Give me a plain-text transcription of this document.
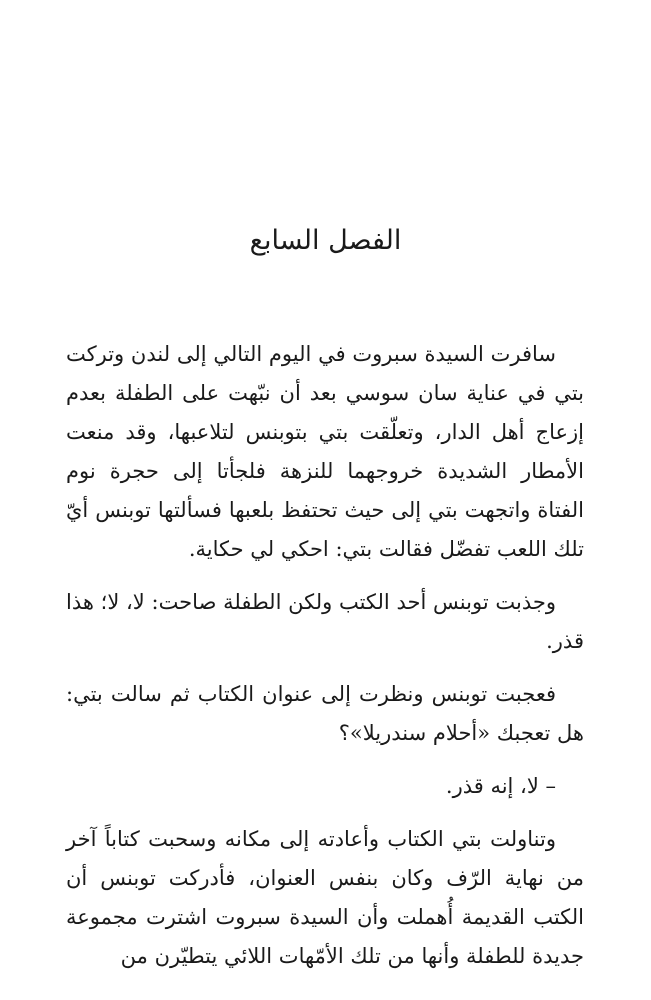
الفصل السابع

سافرت السيدة سبروت في اليوم التالي إلى لندن وتركت بتي في عناية سان سوسي بعد أن نبّهت على الطفلة بعدم إزعاج أهل الدار، وتعلّقت بتي بتوبنس لتلاعبها، وقد منعت الأمطار الشديدة خروجهما للنزهة فلجأتا إلى حجرة نوم الفتاة واتجهت بتي إلى حيث تحتفظ بلعبها فسألتها توبنس أيّ تلك اللعب تفضّل فقالت بتي: احكي لي حكاية.

وجذبت توبنس أحد الكتب ولكن الطفلة صاحت: لا، لا؛ هذا قذر.

فعجبت توبنس ونظرت إلى عنوان الكتاب ثم سالت بتي: هل تعجبك «أحلام سندريلا»؟

– لا، إنه قذر.

وتناولت بتي الكتاب وأعادته إلى مكانه وسحبت كتاباً آخر من نهاية الرّف وكان بنفس العنوان، فأدركت توبنس أن الكتب القديمة أُهملت وأن السيدة سبروت اشترت مجموعة جديدة للطفلة وأنها من تلك الأمّهات اللائي يتطيّرن من
